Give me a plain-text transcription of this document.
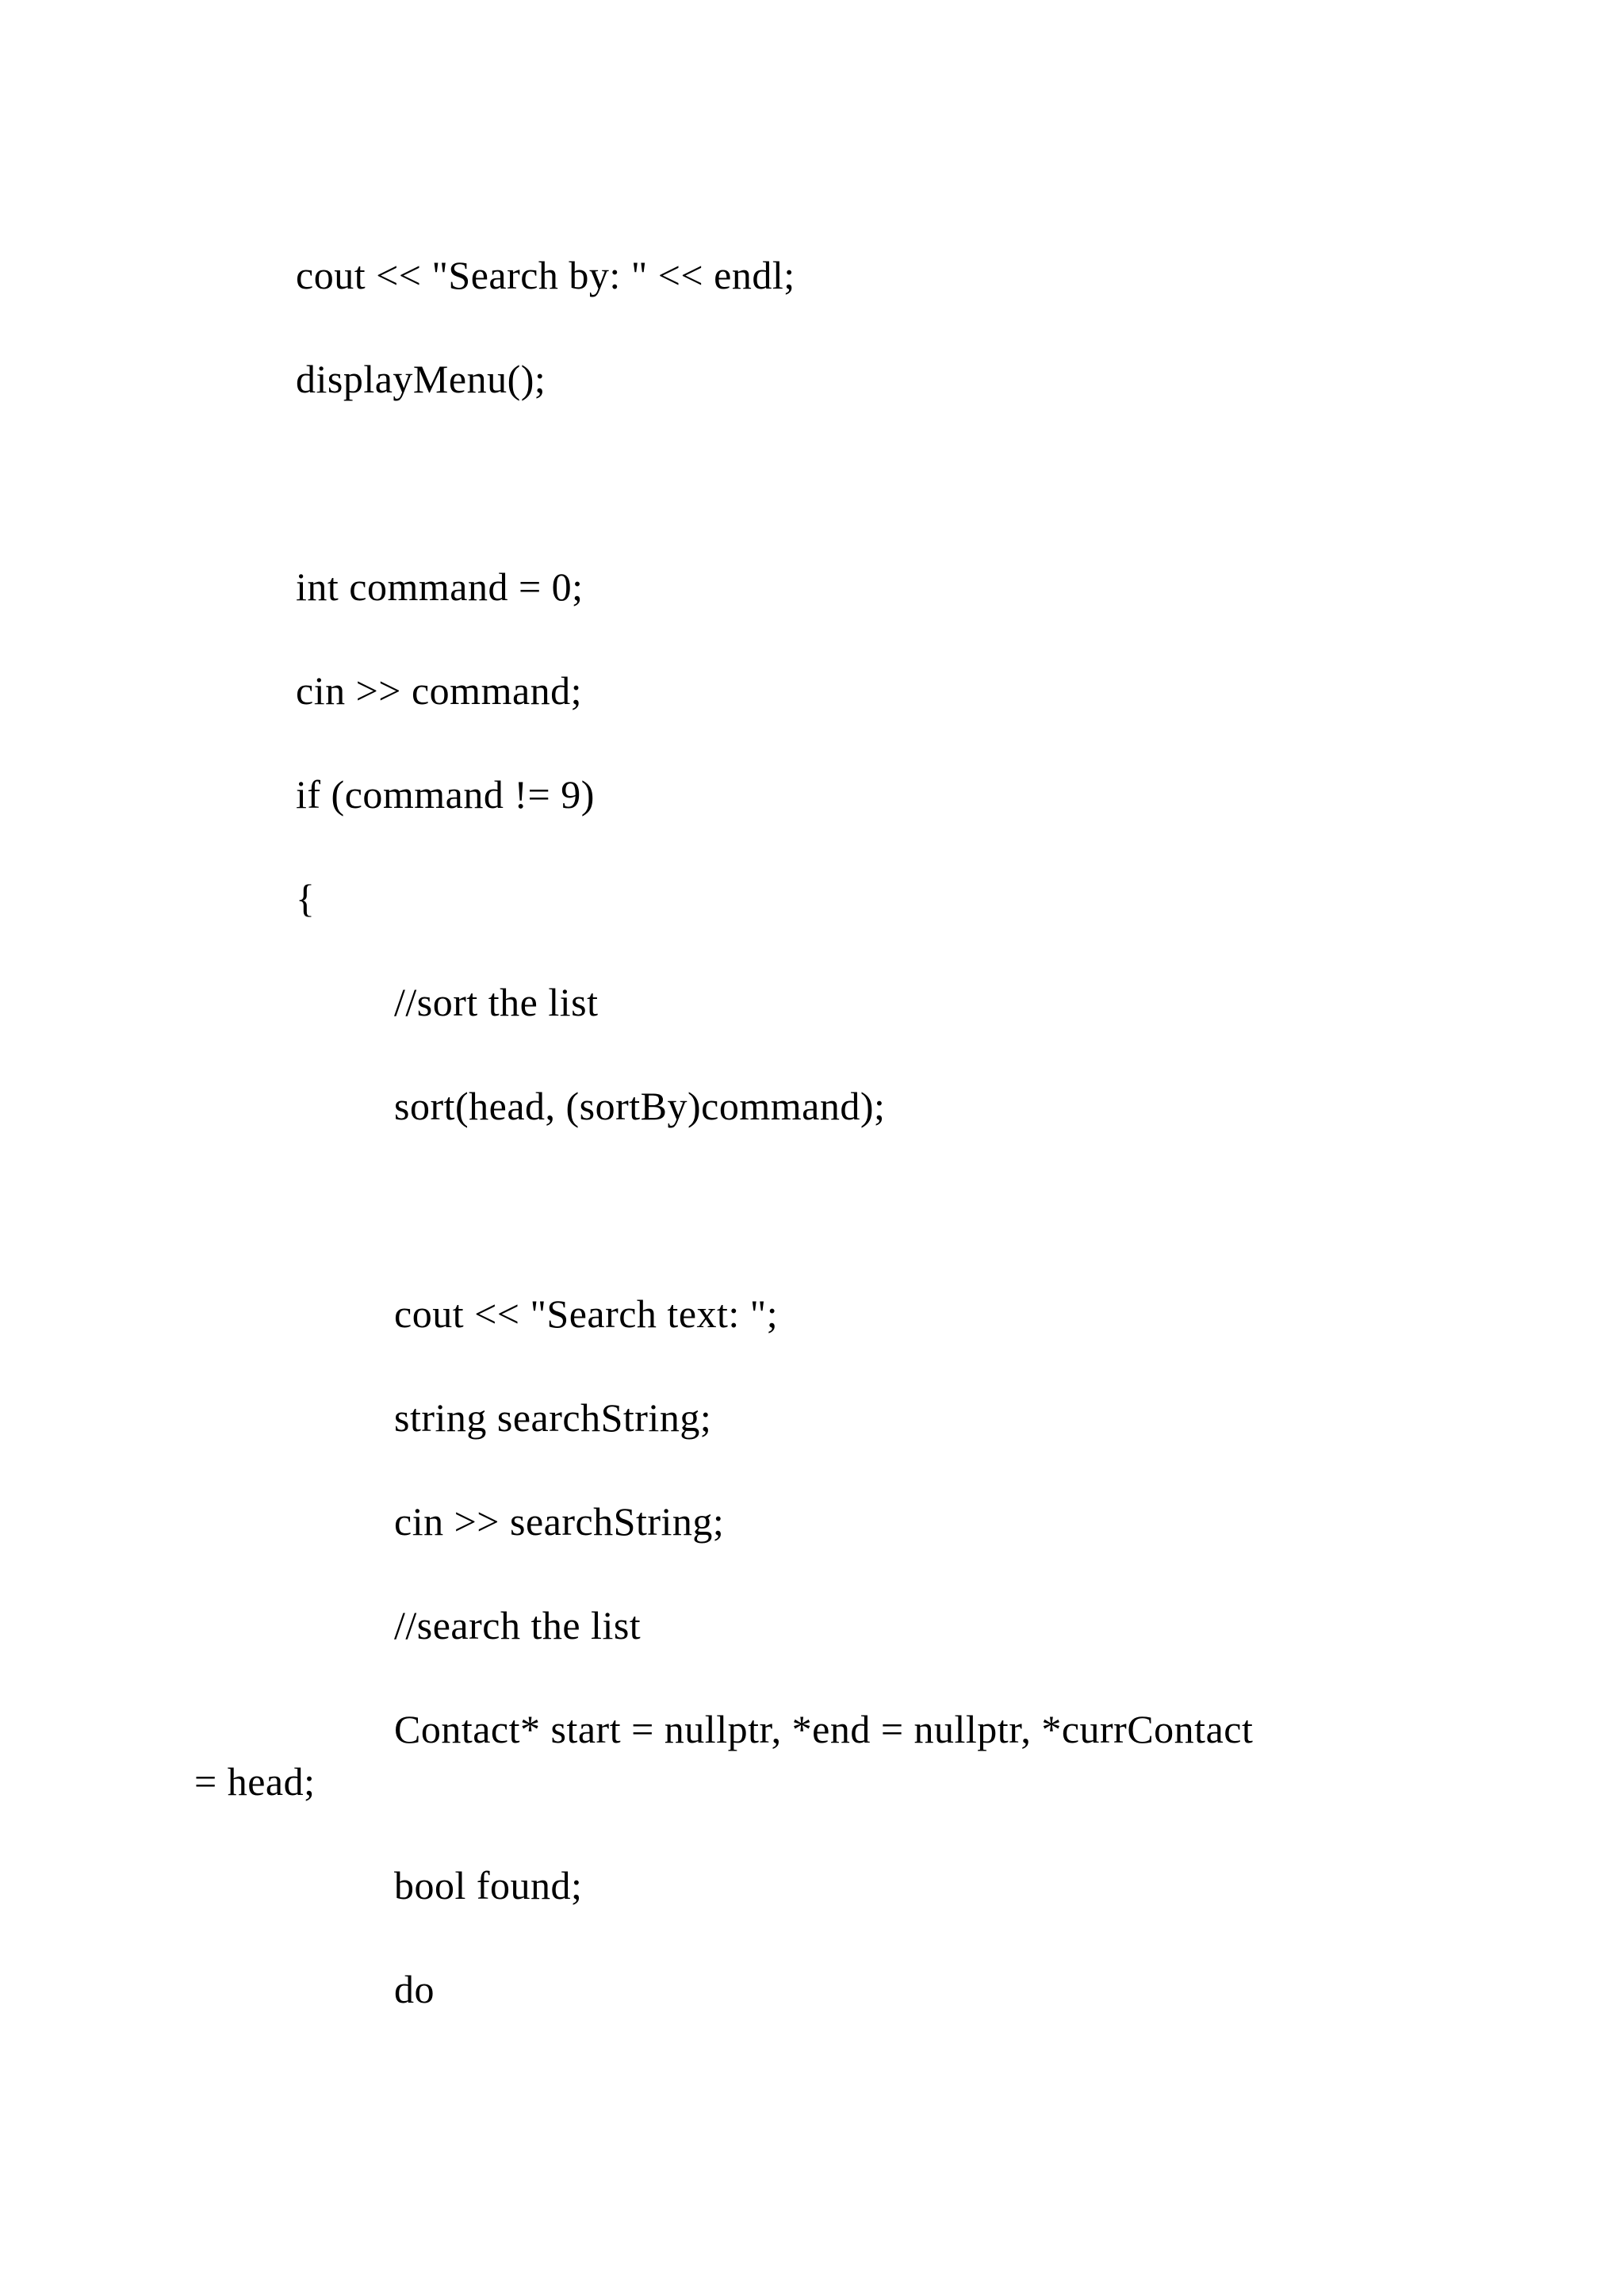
cout << "Search by: " << endl;
displayMenu();
int command = 0;
cin >> command;
if (command != 9)
{
//sort the list
sort(head, (sortBy)command);
cout << "Search text: ";
string searchString;
cin >> searchString;
//search the list
Contact* start = nullptr, *end = nullptr, *currContact
= head;
bool found;
do
